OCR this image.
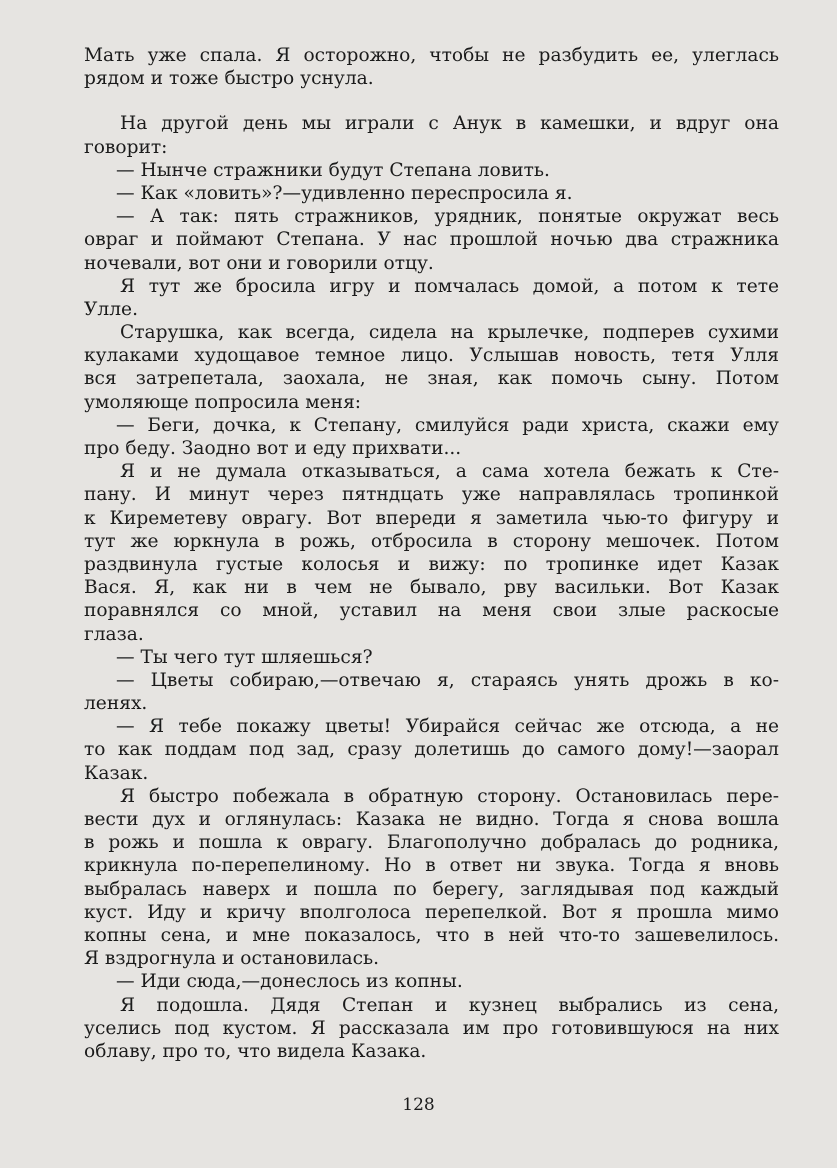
Мать уже спала. Я осторожно, чтобы не разбудить ее, улеглась
рядом и тоже быстро уснула.
На другой день мы играли с Анук в камешки, и вдруг она
говорит:
— Нынче стражники будут Степана ловить.
— Как «ловить»?—удивленно переспросила я.
— А так: пять стражников, урядник, понятые окружат весь
овраг и поймают Степана. У нас прошлой ночью два стражника
ночевали, вот они и говорили отцу.
Я тут же бросила игру и помчалась домой, а потом к тете
Улле.
Старушка, как всегда, сидела на крылечке, подперев сухими
кулаками худощавое темное лицо. Услышав новость, тетя Улля
вся затрепетала, заохала, не зная, как помочь сыну. Потом
умоляюще попросила меня:
— Беги, дочка, к Степану, смилуйся ради христа, скажи ему
про беду. Заодно вот и еду прихвати...
Я и не думала отказываться, а сама хотела бежать к Сте-
пану. И минут через пятндцать уже направлялась тропинкой
к Киреметеву оврагу. Вот впереди я заметила чью-то фигуру и
тут же юркнула в рожь, отбросила в сторону мешочек. Потом
раздвинула густые колосья и вижу: по тропинке идет Казак
Вася. Я, как ни в чем не бывало, рву васильки. Вот Казак
поравнялся со мной, уставил на меня свои злые раскосые
глаза.
— Ты чего тут шляешься?
— Цветы собираю,—отвечаю я, стараясь унять дрожь в ко-
ленях.
— Я тебе покажу цветы! Убирайся сейчас же отсюда, а не
то как поддам под зад, сразу долетишь до самого дому!—заорал
Казак.
Я быстро побежала в обратную сторону. Остановилась пере-
вести дух и оглянулась: Казака не видно. Тогда я снова вошла
в рожь и пошла к оврагу. Благополучно добралась до родника,
крикнула по-перепелиному. Но в ответ ни звука. Тогда я вновь
выбралась наверх и пошла по берегу, заглядывая под каждый
куст. Иду и кричу вполголоса перепелкой. Вот я прошла мимо
копны сена, и мне показалось, что в ней что-то зашевелилось.
Я вздрогнула и остановилась.
— Иди сюда,—донеслось из копны.
Я подошла. Дядя Степан и кузнец выбрались из сена,
уселись под кустом. Я рассказала им про готовившуюся на них
облаву, про то, что видела Казака.
128
